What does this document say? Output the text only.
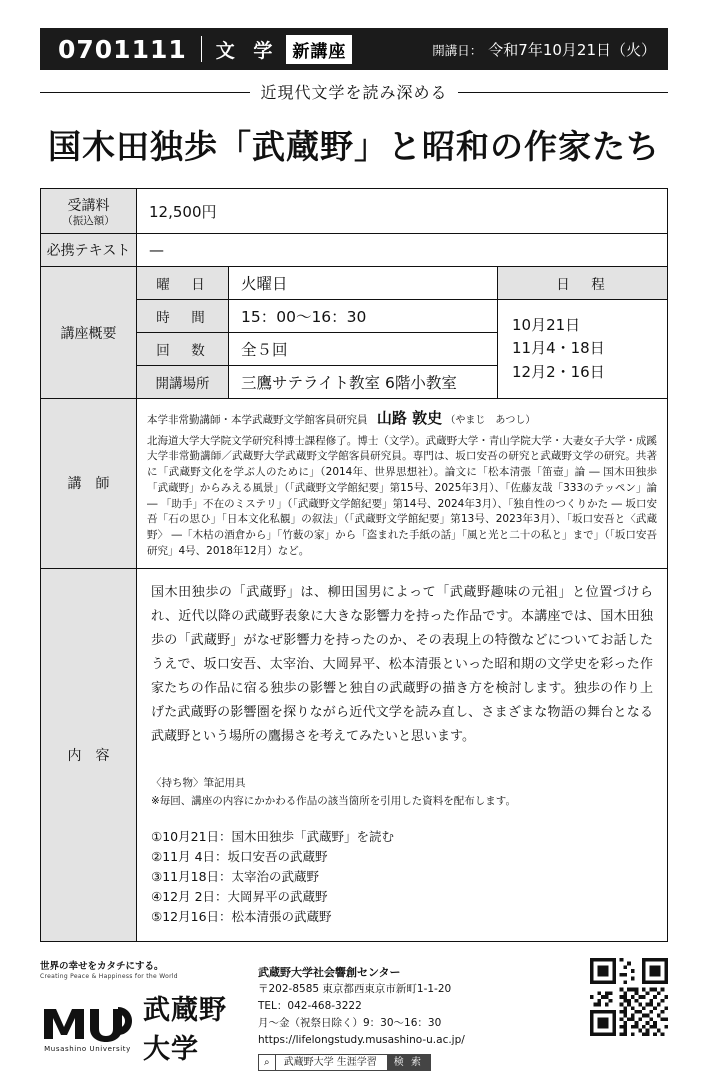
0701111 文 学 新講座	開講日： 令和7年10月21日（火）
近現代文学を読み深める
国木田独歩「武蔵野」と昭和の作家たち
受講料
（振込額）	12,500円		
必携テキスト	—		
講座概要	曜　日	火曜日	日　程
	時　間	15：00～16：30	10月21日
11月4・18日
12月2・16日

	回　数	全５回	
	開講場所	三鷹サテライト教室 6階小教室	
講　師	本学非常勤講師・本学武蔵野文学館客員研究員 山路 敦史 （やまじ　あつし）
北海道大学大学院文学研究科博士課程修了。博士（文学）。武蔵野大学・青山学院大学・大妻女子大学・成蹊大学非常勤講師／武蔵野大学武蔵野文学館客員研究員。専門は、坂口安吾の研究と武蔵野文学の研究。共著に「武蔵野文化を学ぶ人のために」（2014年、世界思想社）。論文に「松本清張「笛壺」論 ― 国木田独歩「武蔵野」からみえる風景」（「武蔵野文学館紀要」第15号、2025年3月）、「佐藤友哉「333のテッペン」論 ― 「助手」不在のミステリ」（「武蔵野文学館紀要」第14号、2024年3月）、「独自性のつくりかた ― 坂口安吾「石の思ひ」「日本文化私観」の叙法」（「武蔵野文学館紀要」第13号、2023年3月）、「坂口安吾と〈武蔵野〉 ―「木枯の酒倉から」「竹薮の家」から「盗まれた手紙の話」「風と光と二十の私と」まで」（「坂口安吾研究」4号、2018年12月）など。		

内　容	

国木田独歩の「武蔵野」は、柳田国男によって「武蔵野趣味の元祖」と位置づけられ、近代以降の武蔵野表象に大きな影響力を持った作品です。本講座では、国木田独歩の「武蔵野」がなぜ影響力を持ったのか、その表現上の特徴などについてお話したうえで、坂口安吾、太宰治、大岡昇平、松本清張といった昭和期の文学史を彩った作家たちの作品に宿る独歩の影響と独自の武蔵野の描き方を検討します。独歩の作り上げた武蔵野の影響圏を探りながら近代文学を読み直し、さまざまな物語の舞台となる武蔵野という場所の鷹揚さを考えてみたいと思います。

〈持ち物〉筆記用具
※毎回、講座の内容にかかわる作品の該当箇所を引用した資料を配布します。
①10月21日：国木田独歩「武蔵野」を読む
②11月 4日：坂口安吾の武蔵野
③11月18日：太宰治の武蔵野
④12月 2日：大岡昇平の武蔵野
⑤12月16日：松本清張の武蔵野
世界の幸せをカタチにする。
Creating Peace & Happiness for the World
Musashino University
武蔵野大学
武蔵野大学社会響創センター
〒202-8585 東京都西東京市新町1-1-20
TEL：042-468-3222
月～金（祝祭日除く）9：30～16：30
https://lifelongstudy.musashino-u.ac.jp/
⌕	武蔵野大学 生涯学習	検 索
